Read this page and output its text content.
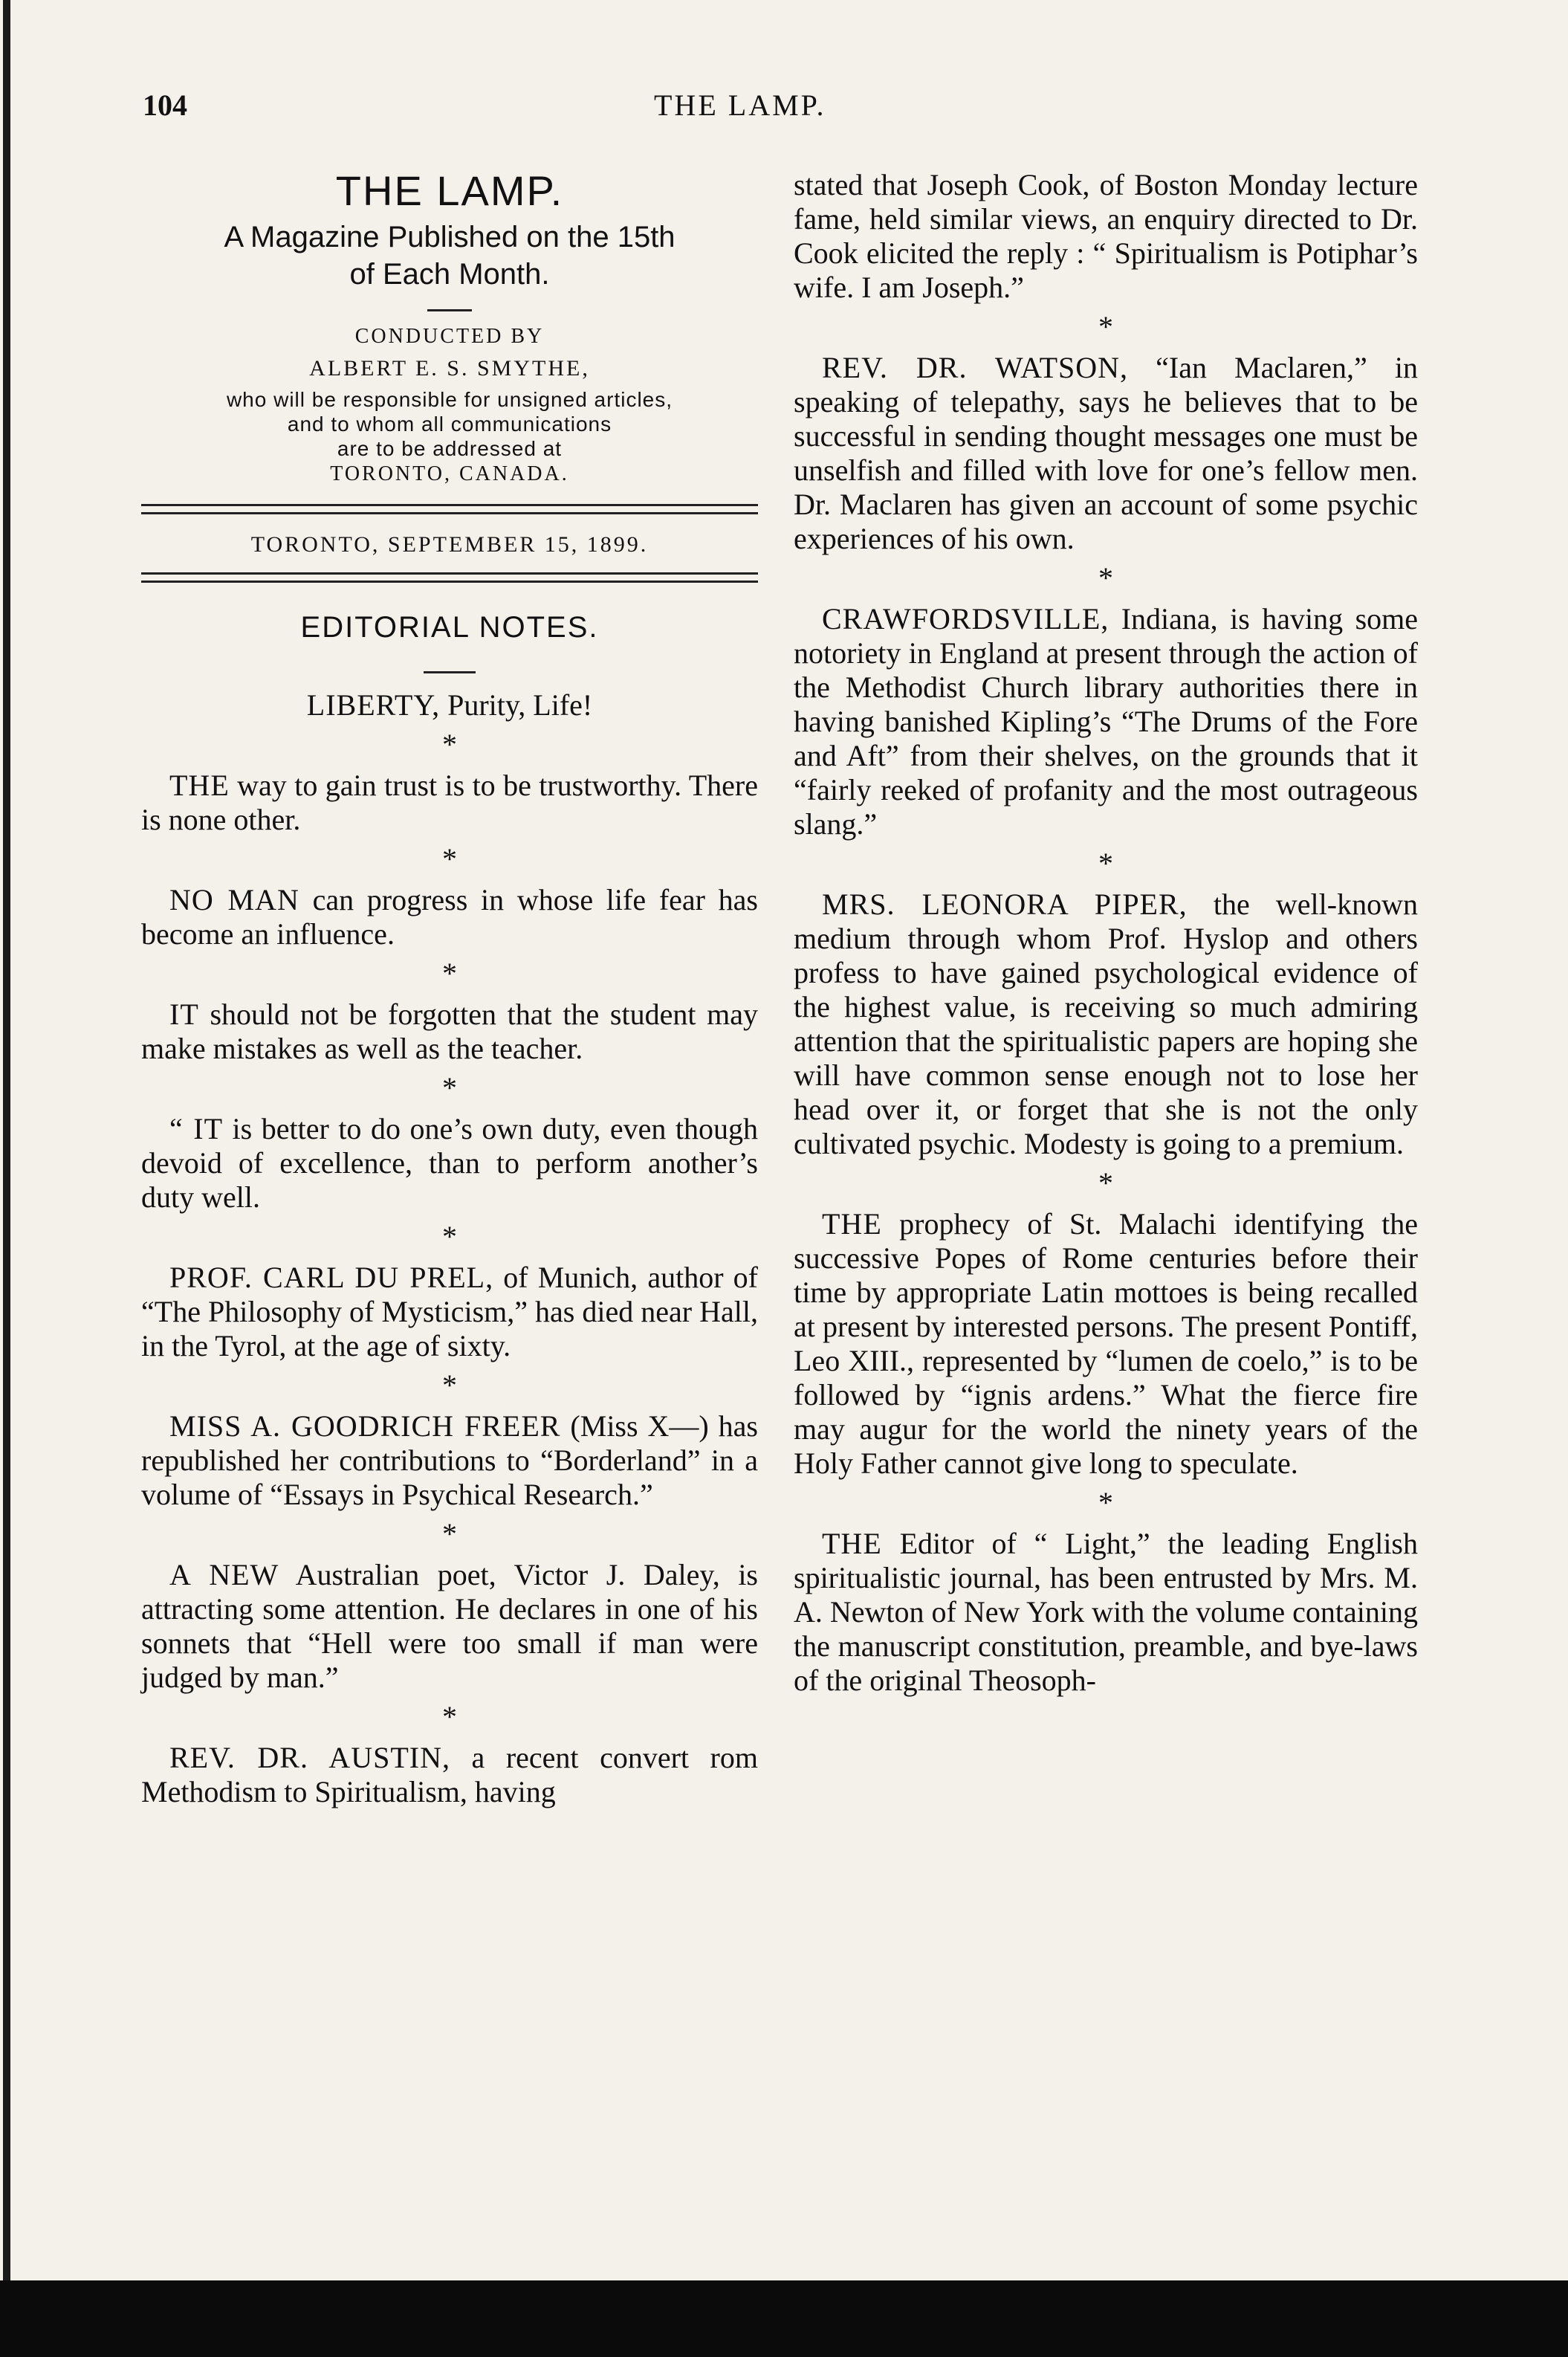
104	THE LAMP.

THE LAMP.

A Magazine Published on the 15th

of Each Month.

CONDUCTED BY

ALBERT E. S. SMYTHE,

who will be responsible for unsigned articles,

and to whom all communications

are to be addressed at

TORONTO, CANADA.

TORONTO, SEPTEMBER 15, 1899.

EDITORIAL NOTES.

LIBERTY, Purity, Life!

*

THE way to gain trust is to be trustworthy. There is none other.

*

NO MAN can progress in whose life fear has become an influence.

*

IT should not be forgotten that the student may make mistakes as well as the teacher.

*

“ IT is better to do one’s own duty, even though devoid of excellence, than to perform another’s duty well.

*

PROF. CARL DU PREL, of Munich, author of “The Philosophy of Mysticism,” has died near Hall, in the Tyrol, at the age of sixty.

*

MISS A. GOODRICH FREER (Miss X—) has republished her contributions to “Borderland” in a volume of “Essays in Psychical Research.”

*

A NEW Australian poet, Victor J. Daley, is attracting some attention. He declares in one of his sonnets that “Hell were too small if man were judged by man.”

*

REV. DR. AUSTIN, a recent convert rom Methodism to Spiritualism, having

stated that Joseph Cook, of Boston Monday lecture fame, held similar views, an enquiry directed to Dr. Cook elicited the reply : “ Spiritualism is Potiphar’s wife. I am Joseph.”

*

REV. DR. WATSON, “Ian Maclaren,” in speaking of telepathy, says he believes that to be successful in sending thought messages one must be unselfish and filled with love for one’s fellow men. Dr. Maclaren has given an account of some psychic experiences of his own.

*

CRAWFORDSVILLE, Indiana, is having some notoriety in England at present through the action of the Methodist Church library authorities there in having banished Kipling’s “The Drums of the Fore and Aft” from their shelves, on the grounds that it “fairly reeked of profanity and the most outrageous slang.”

*

MRS. LEONORA PIPER, the well-known medium through whom Prof. Hyslop and others profess to have gained psychological evidence of the highest value, is receiving so much admiring attention that the spiritualistic papers are hoping she will have common sense enough not to lose her head over it, or forget that she is not the only cultivated psychic. Modesty is going to a premium.

*

THE prophecy of St. Malachi identifying the successive Popes of Rome centuries before their time by appropriate Latin mottoes is being recalled at present by interested persons. The present Pontiff, Leo XIII., represented by “lumen de coelo,” is to be followed by “ignis ardens.” What the fierce fire may augur for the world the ninety years of the Holy Father cannot give long to speculate.

*

THE Editor of “ Light,” the leading English spiritualistic journal, has been entrusted by Mrs. M. A. Newton of New York with the volume containing the manuscript constitution, preamble, and bye-laws of the original Theosoph-
